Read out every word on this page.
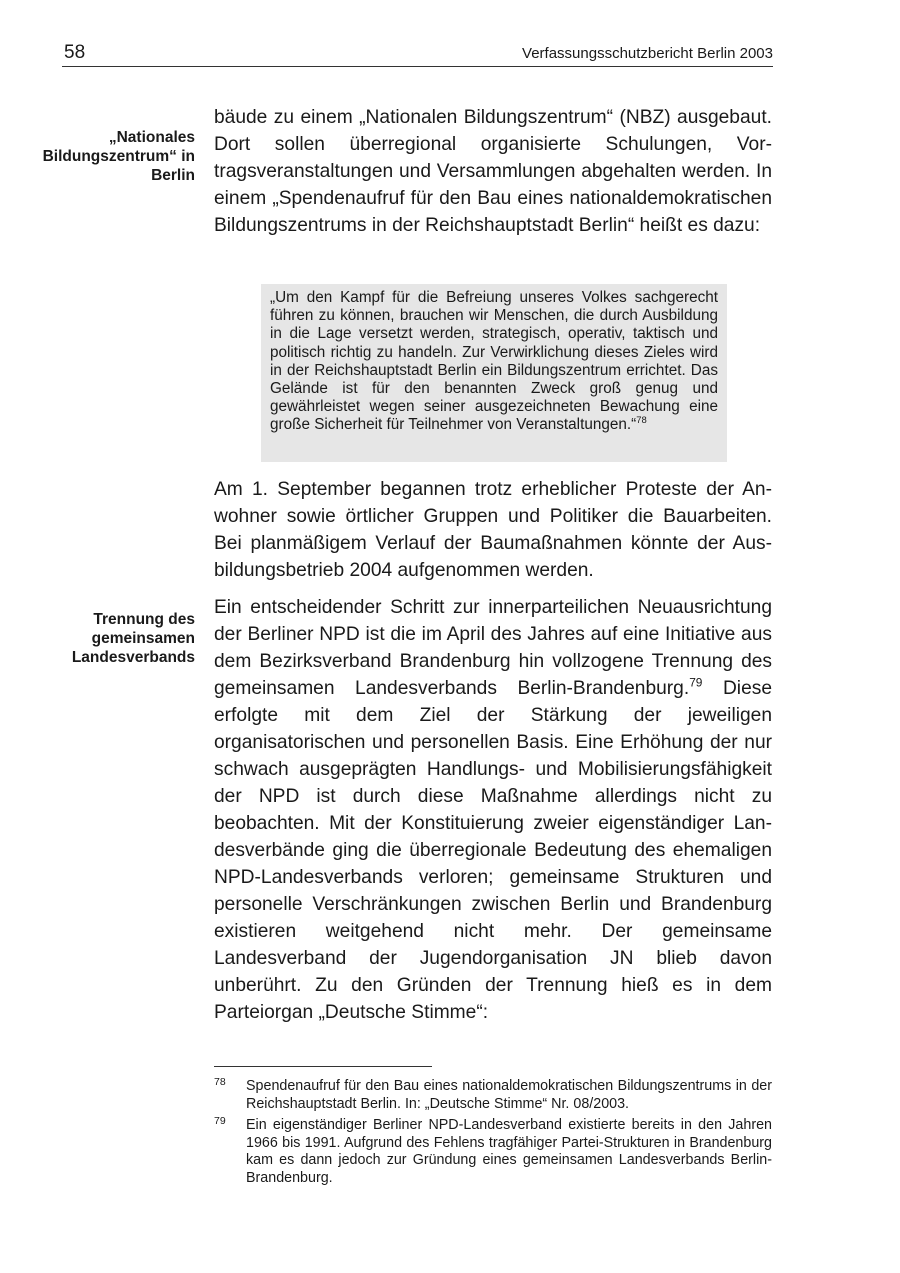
58	Verfassungsschutzbericht Berlin 2003
„Nationales Bildungszentrum“ in Berlin

bäude zu einem „Nationalen Bildungszentrum“ (NBZ) ausgebaut. Dort sollen überregional organisierte Schulungen, Vortragsveranstaltungen und Versammlungen abgehalten werden. In einem „Spendenaufruf für den Bau eines nationaldemokratischen Bildungszentrums in der Reichshauptstadt Berlin“ heißt es dazu:

„Um den Kampf für die Befreiung unseres Volkes sachgerecht führen zu können, brauchen wir Menschen, die durch Ausbildung in die Lage versetzt werden, strategisch, operativ, taktisch und politisch richtig zu handeln. Zur Verwirklichung dieses Zieles wird in der Reichshauptstadt Berlin ein Bildungszentrum errichtet. Das Gelände ist für den benannten Zweck groß genug und gewährleistet wegen seiner ausgezeichneten Bewachung eine große Sicherheit für Teilnehmer von Veranstaltungen.“$^{78}$

Am 1. September begannen trotz erheblicher Proteste der Anwohner sowie örtlicher Gruppen und Politiker die Bauarbeiten. Bei planmäßigem Verlauf der Baumaßnahmen könnte der Ausbildungsbetrieb 2004 aufgenommen werden.

Trennung des gemeinsamen Landesverbands

Ein entscheidender Schritt zur innerparteilichen Neuausrichtung der Berliner NPD ist die im April des Jahres auf eine Initiative aus dem Bezirksverband Brandenburg hin vollzogene Trennung des gemeinsamen Landesverbands Berlin-Brandenburg.$^{79}$ Diese erfolgte mit dem Ziel der Stärkung der jeweiligen organisatorischen und personellen Basis. Eine Erhöhung der nur schwach ausgeprägten Handlungs- und Mobilisierungsfähigkeit der NPD ist durch diese Maßnahme allerdings nicht zu beobachten. Mit der Konstituierung zweier eigenständiger Landesverbände ging die überregionale Bedeutung des ehemaligen NPD-Landesverbands verloren; gemeinsame Strukturen und personelle Verschränkungen zwischen Berlin und Brandenburg existieren weitgehend nicht mehr. Der gemeinsame Landesverband der Jugendorganisation JN blieb davon unberührt. Zu den Gründen der Trennung hieß es in dem Parteiorgan „Deutsche Stimme“:

78 Spendenaufruf für den Bau eines nationaldemokratischen Bildungszentrums in der Reichshauptstadt Berlin. In: „Deutsche Stimme“ Nr. 08/2003.

79 Ein eigenständiger Berliner NPD-Landesverband existierte bereits in den Jahren 1966 bis 1991. Aufgrund des Fehlens tragfähiger Partei-Strukturen in Brandenburg kam es dann jedoch zur Gründung eines gemeinsamen Landesverbands Berlin-Brandenburg.
